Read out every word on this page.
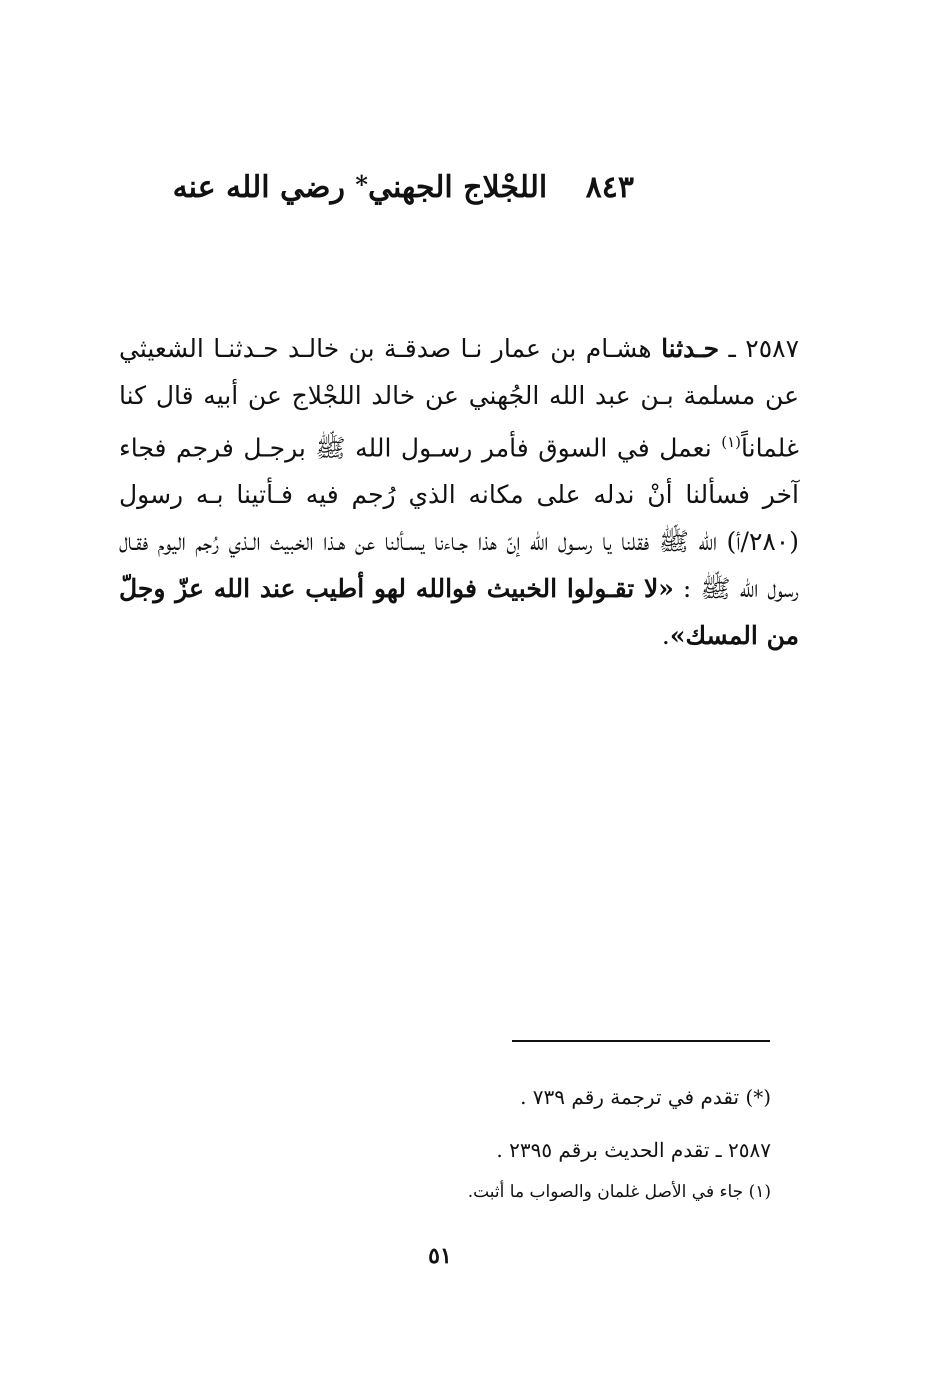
٨٤٣ اللجْلاج الجهني* رضي الله عنه
٢٥٨٧ ـ حـدثنا هشـام بن عمار نـا صدقـة بن خالـد حـدثنـا الشعيثي عن مسلمة بـن عبد الله الجُهني عن خالد اللجْلاج عن أبيه قال كنا غلماناً$^{(١)}$ نعمل في السوق فأمر رسـول الله ﷺ برجـل فرجم فجاء آخر فسألنا أنْ ندله على مكانه الذي رُجم فيه فـأتينا بـه رسول (٢٨٠/أ) الله ﷺ فقلنا يا رسـول الله إنّ هذا جـاءنا يسـألنا عن هـذا الخبيث الـذي رُجم اليوم فقـال رسول الله ﷺ : «لا تقـولوا الخبيث فوالله لهو أطيب عند الله عزّ وجلّ من المسك».
(*) تقدم في ترجمة رقم ٧٣٩ .
٢٥٨٧ ـ تقدم الحديث برقم ٢٣٩٥ .
(١) جاء في الأصل غلمان والصواب ما أثبت.
٥١
